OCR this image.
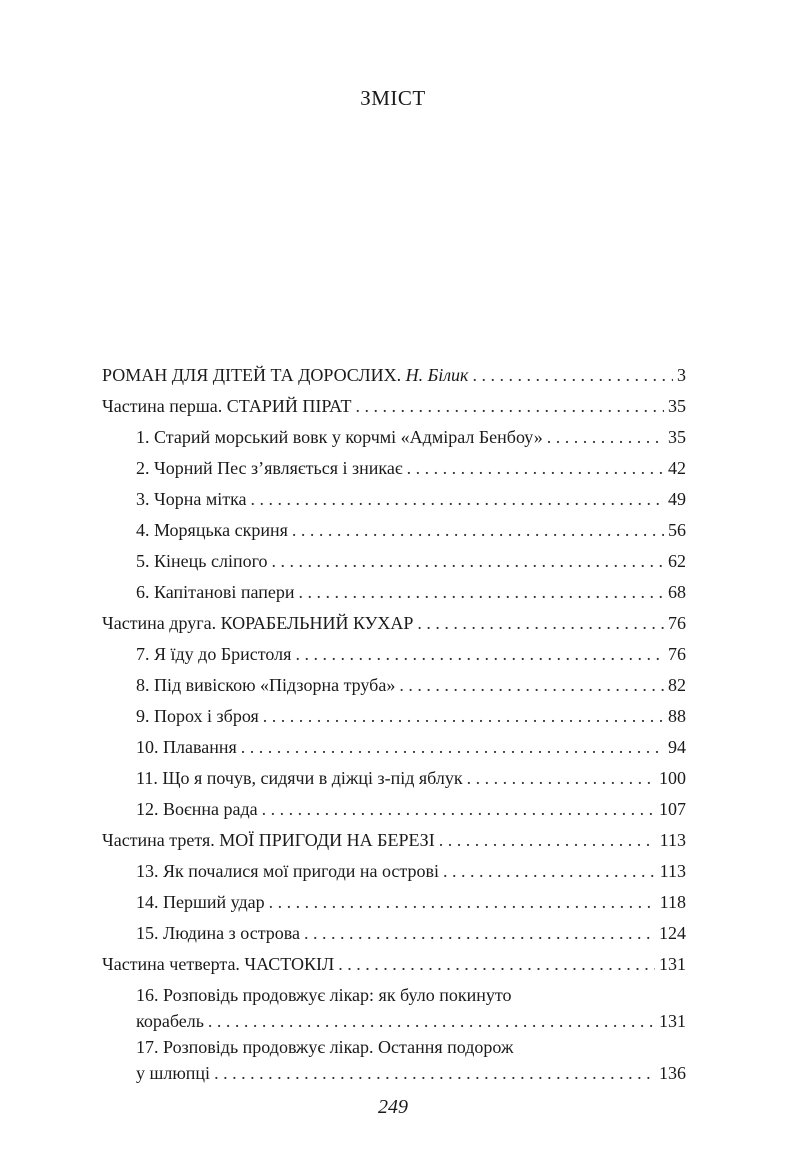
ЗМІСТ
РОМАН ДЛЯ ДІТЕЙ ТА ДОРОСЛИХ. Н. Білик . . .	3
Частина перша. СТАРИЙ ПІРАТ . . .	35
1. Старий морський вовк у корчмі «Адмірал Бенбоу» . . .	35
2. Чорний Пес з’являється і зникає . . .	42
3. Чорна мітка . . .	49
4. Моряцька скриня . . .	56
5. Кінець сліпого . . .	62
6. Капітанові папери . . .	68
Частина друга. КОРАБЕЛЬНИЙ КУХАР . . .	76
7. Я їду до Бристоля . . .	76
8. Під вивіскою «Підзорна труба» . . .	82
9. Порох і зброя . . .	88
10. Плавання . . .	94
11. Що я почув, сидячи в діжці з-під яблук . . .	100
12. Воєнна рада . . .	107
Частина третя. МОЇ ПРИГОДИ НА БЕРЕЗІ . . .	113
13. Як почалися мої пригоди на острові . . .	113
14. Перший удар . . .	118
15. Людина з острова . . .	124
Частина четверта. ЧАСТОКІЛ . . .	131
16. Розповідь продовжує лікар: як було покинуто
корабель . . .	131
17. Розповідь продовжує лікар. Остання подорож
у шлюпці . . .	136
249
